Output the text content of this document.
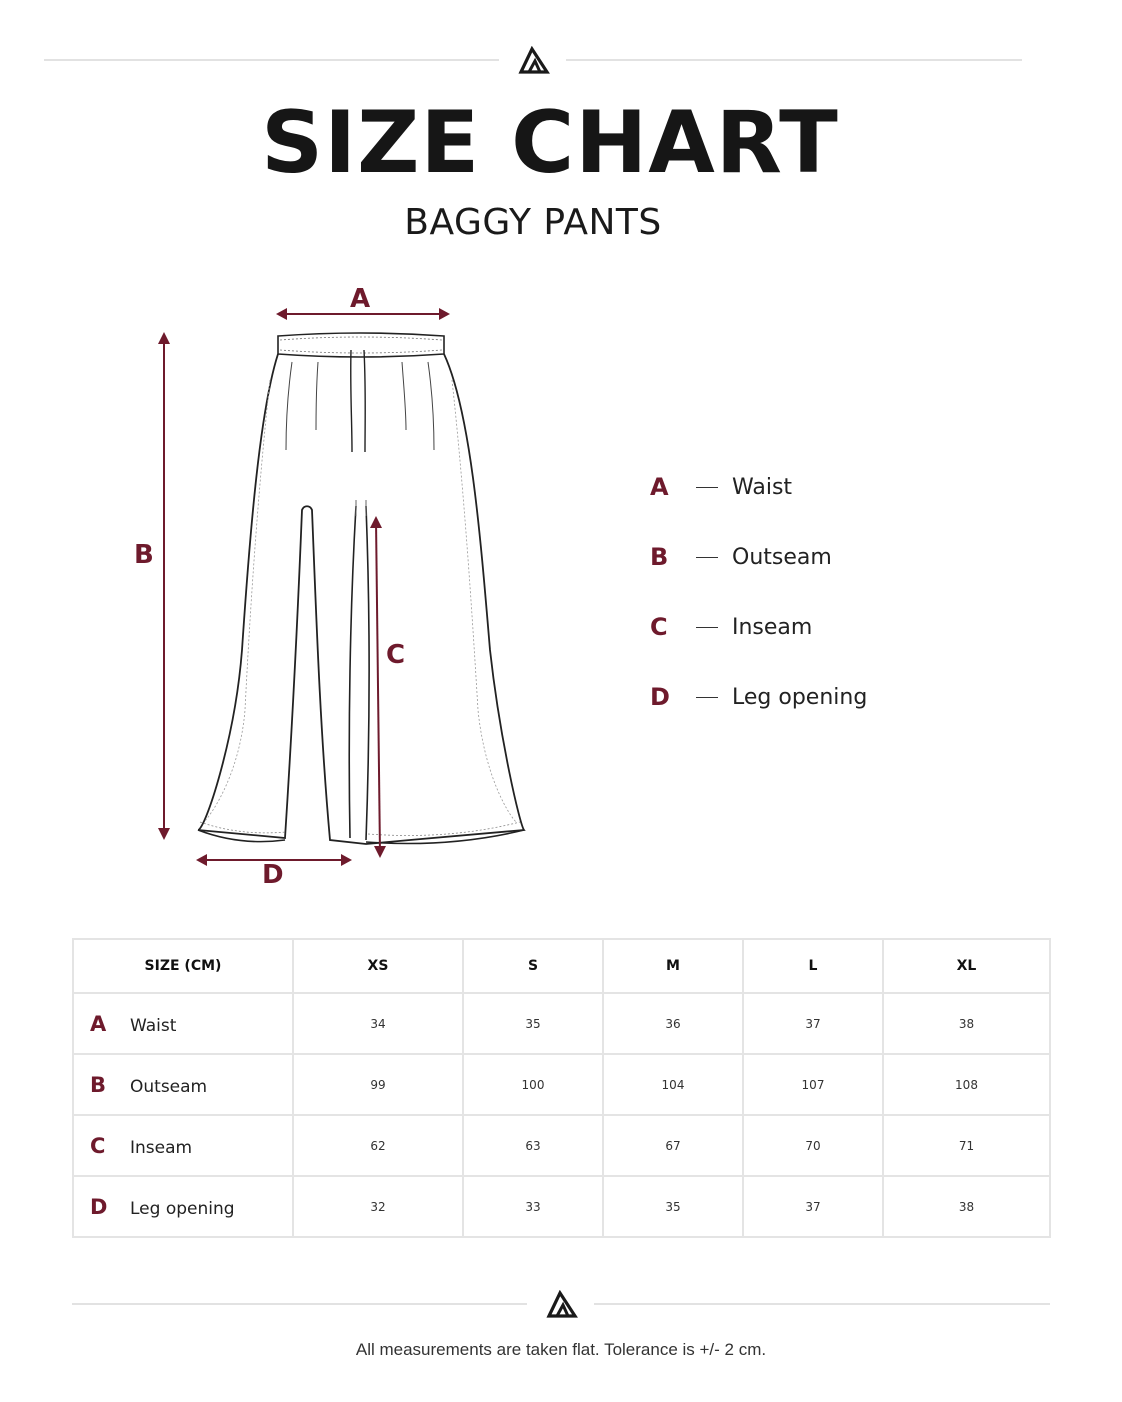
SIZE CHART
BAGGY PANTS
A
B
C
D
A	Waist
B	Outseam
C	Inseam
D	Leg opening
SIZE (CM)	XS	S	M	L	XL
A Waist	34	35	36	37	38
B Outseam	99	100	104	107	108
C Inseam	62	63	67	70	71
D Leg opening	32	33	35	37	38
All measurements are taken flat. Tolerance is +/- 2 cm.
